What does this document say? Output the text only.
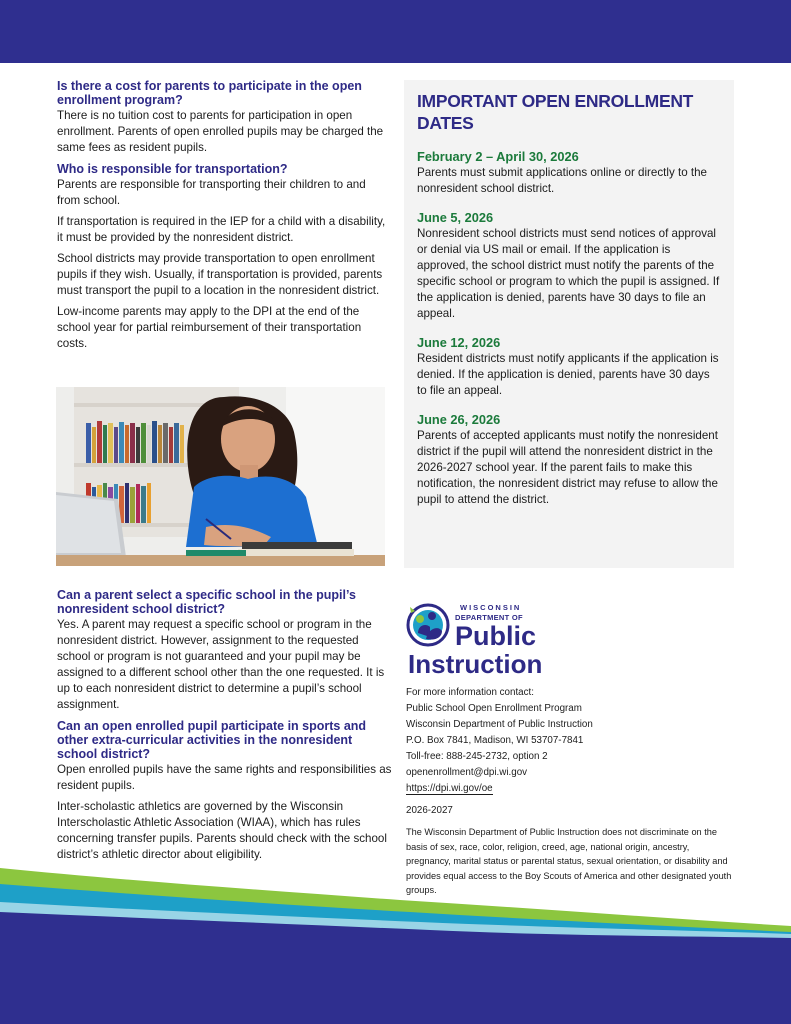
Is there a cost for parents to participate in the open enrollment program?
There is no tuition cost to parents for participation in open enrollment. Parents of open enrolled pupils may be charged the same fees as resident pupils.
Who is responsible for transportation?
Parents are responsible for transporting their children to and from school.
If transportation is required in the IEP for a child with a disability, it must be provided by the nonresident district.
School districts may provide transportation to open enrollment pupils if they wish. Usually, if transportation is provided, parents must transport the pupil to a location in the nonresident district.
Low-income parents may apply to the DPI at the end of the school year for partial reimbursement of their transportation costs.
Can a parent select a specific school in the pupil’s nonresident school district?
Yes. A parent may request a specific school or program in the nonresident district. However, assignment to the requested school or program is not guaranteed and your pupil may be assigned to a different school other than the one requested. It is up to each nonresident district to determine a pupil’s school assignment.
Can an open enrolled pupil participate in sports and other extra-curricular activities in the nonresident school district?
Open enrolled pupils have the same rights and responsibilities as resident pupils.
Inter-scholastic athletics are governed by the Wisconsin Interscholastic Athletic Association (WIAA), which has rules concerning transfer pupils. Parents should check with the school district’s athletic director about eligibility.
IMPORTANT OPEN ENROLLMENT DATES
February 2 – April 30, 2026
Parents must submit applications online or directly to the nonresident school district.
June 5, 2026
Nonresident school districts must send notices of approval or denial via US mail or email. If the application is approved, the school district must notify the parents of the specific school or program to which the pupil is assigned. If the application is denied, parents have 30 days to file an appeal.
June 12, 2026
Resident districts must notify applicants if the application is denied. If the application is denied, parents have 30 days to file an appeal.
June 26, 2026
Parents of accepted applicants must notify the nonresident district if the pupil will attend the nonresident district in the 2026-2027 school year. If the parent fails to make this notification, the nonresident district may refuse to allow the pupil to attend the district.
WISCONSIN
DEPARTMENT OF
Public
Instruction
For more information contact:
Public School Open Enrollment Program
Wisconsin Department of Public Instruction
P.O. Box 7841, Madison, WI 53707-7841
Toll-free: 888-245-2732, option 2
openenrollment@dpi.wi.gov
https://dpi.wi.gov/oe
2026-2027
The Wisconsin Department of Public Instruction does not discriminate on the basis of sex, race, color, religion, creed, age, national origin, ancestry, pregnancy, marital status or parental status, sexual orientation, or disability and provides equal access to the Boy Scouts of America and other designated youth groups.
